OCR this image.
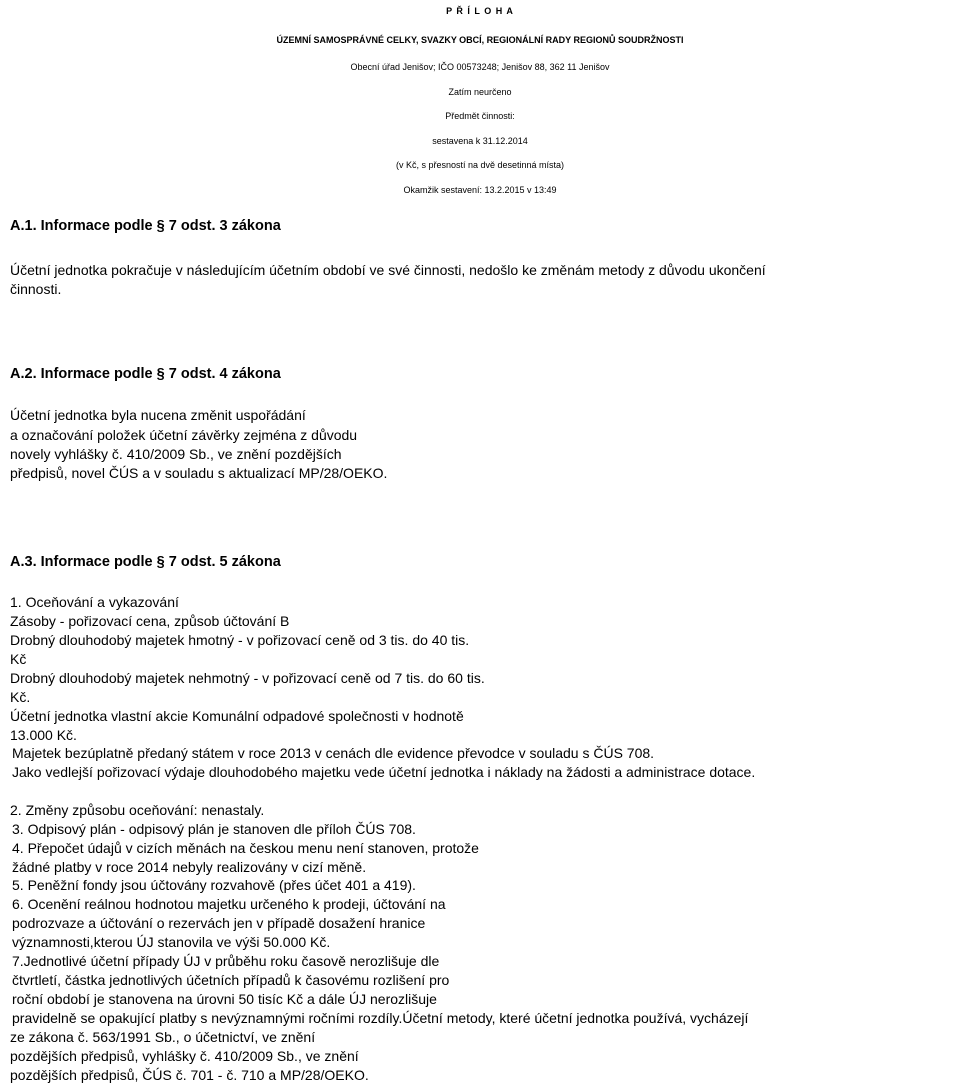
P Ř Í L O H A
ÚZEMNÍ SAMOSPRÁVNÉ CELKY, SVAZKY OBCÍ, REGIONÁLNÍ RADY REGIONŮ SOUDRŽNOSTI
Obecní úřad Jenišov; IČO 00573248; Jenišov 88, 362 11 Jenišov
Zatím neurčeno
Předmět činnosti:
sestavena k 31.12.2014
(v Kč, s přesností na dvě desetinná místa)
Okamžik sestavení: 13.2.2015 v 13:49
A.1. Informace podle § 7 odst. 3 zákona
Účetní jednotka pokračuje v následujícím účetním období ve své činnosti, nedošlo ke změnám metody z důvodu ukončení
činnosti.
A.2. Informace podle § 7 odst. 4 zákona
Účetní jednotka byla nucena změnit uspořádání
a označování položek účetní závěrky zejména z důvodu
novely vyhlášky č. 410/2009 Sb., ve znění pozdějších
předpisů, novel ČÚS a v souladu s aktualizací MP/28/OEKO.
A.3. Informace podle § 7 odst. 5 zákona
1. Oceňování a vykazování
Zásoby - pořizovací cena, způsob účtování B
Drobný dlouhodobý majetek hmotný - v pořizovací ceně od 3 tis. do 40 tis.
Kč
Drobný dlouhodobý majetek nehmotný - v pořizovací ceně od 7 tis. do 60 tis.
Kč.
Účetní jednotka vlastní akcie Komunální odpadové společnosti v hodnotě
13.000 Kč.
Majetek bezúplatně předaný státem v roce 2013 v cenách dle evidence převodce v souladu s ČÚS 708.
Jako vedlejší pořizovací výdaje dlouhodobého majetku vede účetní jednotka i náklady na žádosti a administrace dotace.
2. Změny způsobu oceňování: nenastaly.
3. Odpisový plán - odpisový plán je stanoven dle příloh ČÚS 708.
4. Přepočet údajů v cizích měnách na českou menu není stanoven, protože
žádné platby v roce 2014 nebyly realizovány v cizí měně.
5. Peněžní fondy jsou účtovány rozvahově (přes účet 401 a 419).
6. Ocenění reálnou hodnotou majetku určeného k prodeji, účtování na
podrozvaze a účtování o rezervách jen v případě dosažení hranice
významnosti,kterou ÚJ stanovila ve výši 50.000 Kč.
7.Jednotlivé účetní případy ÚJ v průběhu roku časově nerozlišuje dle
čtvrtletí, částka jednotlivých účetních případů k časovému rozlišení pro
roční období je stanovena na úrovni 50 tisíc Kč a dále ÚJ nerozlišuje
pravidelně se opakující platby s nevýznamnými ročními rozdíly.Účetní metody, které účetní jednotka používá, vycházejí
ze zákona č. 563/1991 Sb., o účetnictví, ve znění
pozdějších předpisů, vyhlášky č. 410/2009 Sb., ve znění
pozdějších předpisů, ČÚS č. 701 - č. 710 a MP/28/OEKO.
